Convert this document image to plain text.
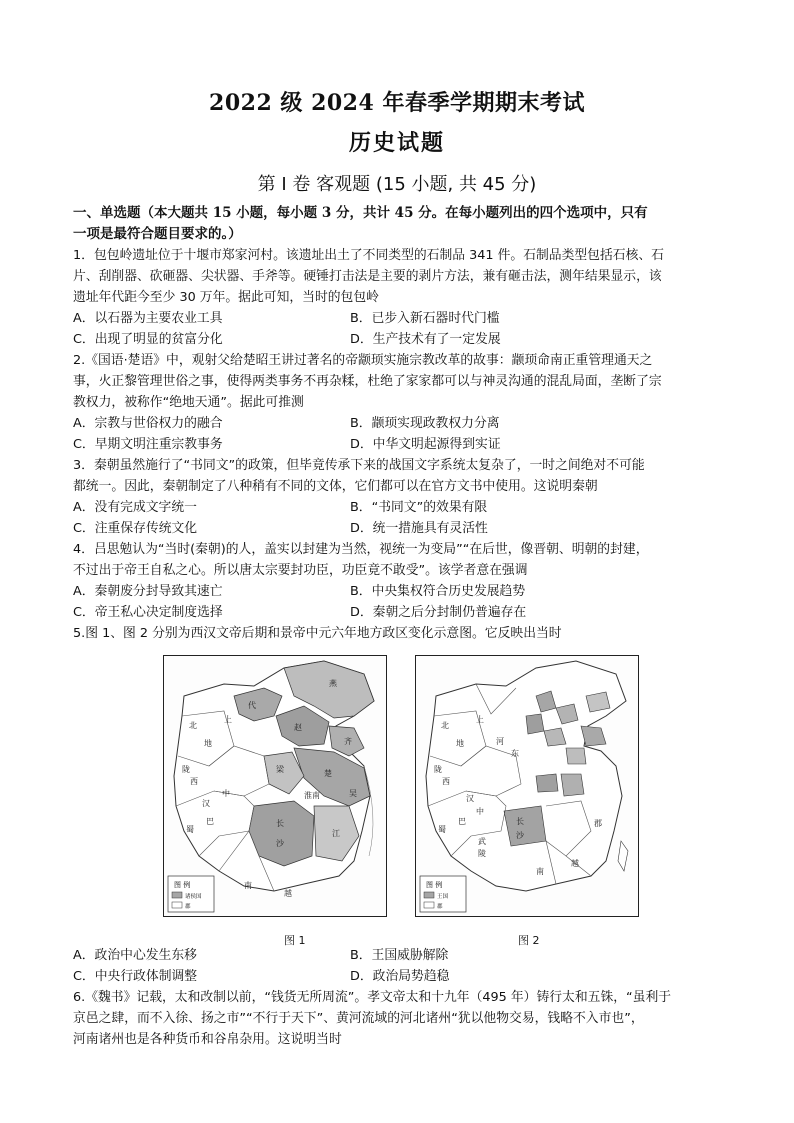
2022 级 2024 年春季学期期末考试
历史试题
第 I 卷 客观题 (15 小题, 共 45 分)
一、单选题（本大题共 15 小题，每小题 3 分，共计 45 分。在每小题列出的四个选项中，只有
一项是最符合题目要求的。）
1．包包岭遗址位于十堰市郑家河村。该遗址出土了不同类型的石制品 341 件。石制品类型包括石核、石
片、刮削器、砍砸器、尖状器、手斧等。硬锤打击法是主要的剥片方法，兼有砸击法，测年结果显示，该
遗址年代距今至少 30 万年。据此可知，当时的包包岭
A．以石器为主要农业工具	B．已步入新石器时代门槛
C．出现了明显的贫富分化	D．生产技术有了一定发展
2.《国语·楚语》中，观射父给楚昭王讲过著名的帝颛顼实施宗教改革的故事：颛顼命南正重管理通天之
事，火正黎管理世俗之事，使得两类事务不再杂糅，杜绝了家家都可以与神灵沟通的混乱局面，垄断了宗
教权力，被称作“绝地天通”。据此可推测
A．宗教与世俗权力的融合	B．颛顼实现政教权力分离
C．早期文明注重宗教事务	D．中华文明起源得到实证
3．秦朝虽然施行了“书同文”的政策，但毕竟传承下来的战国文字系统太复杂了，一时之间绝对不可能
都统一。因此，秦朝制定了八种稍有不同的文体，它们都可以在官方文书中使用。这说明秦朝
A．没有完成文字统一	B．“书同文”的效果有限
C．注重保存传统文化	D．统一措施具有灵活性
4．吕思勉认为“当时(秦朝)的人，盖实以封建为当然，视统一为变局”“在后世，像晋朝、明朝的封建，
不过出于帝王自私之心。所以唐太宗要封功臣，功臣竟不敢受”。该学者意在强调
A．秦朝废分封导致其速亡	B．中央集权符合历史发展趋势
C．帝王私心决定制度选择	D．秦朝之后分封制仍普遍存在
5.图 1、图 2 分别为西汉文帝后期和景帝中元六年地方政区变化示意图。它反映出当时
图 例
诸侯国
郡
燕
代
上
地
北
陇
西
赵
齐
中
梁
汉
蜀
巴
楚
吴
淮南
长
沙
江
南
越
图 例
王国
郡
上
地
北
陇
西
河
东
汉
中
蜀
巴	长
沙
武
陵
越
南
郡
图 1	图 2
A．政治中心发生东移	B．王国威胁解除
C．中央行政体制调整	D．政治局势趋稳
6.《魏书》记载，太和改制以前，“钱货无所周流”。孝文帝太和十九年（495 年）铸行太和五铢，“虽利于
京邑之肆，而不入徐、扬之市”“不行于天下”、黄河流域的河北诸州“犹以他物交易，钱略不入市也”，
河南诸州也是各种货币和谷帛杂用。这说明当时
